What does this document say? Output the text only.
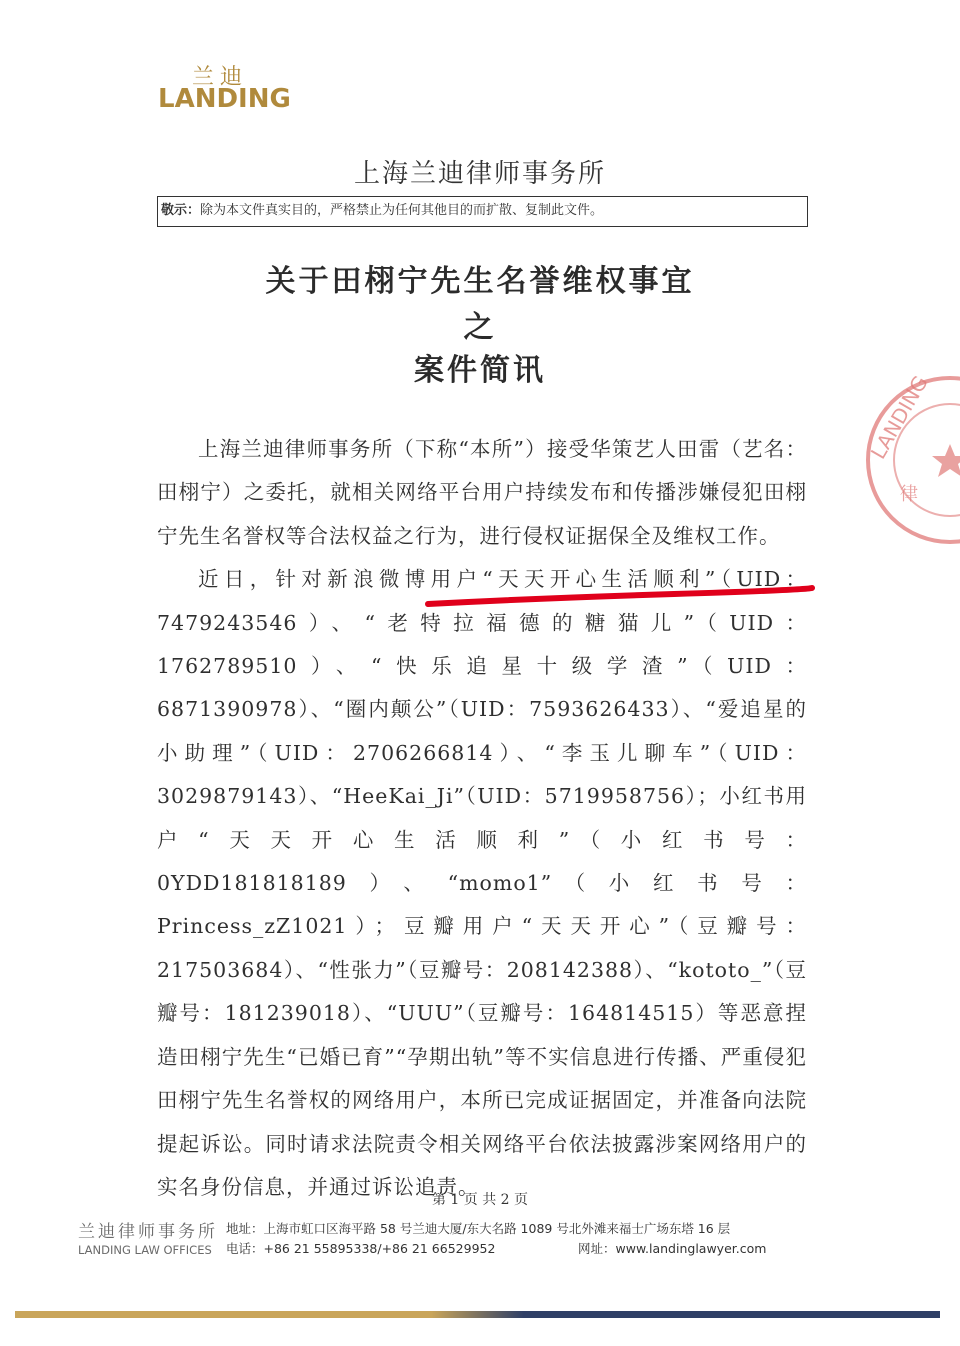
兰迪
LANDING
上海兰迪律师事务所
敬示：除为本文件真实目的，严格禁止为任何其他目的而扩散、复制此文件。
关于田栩宁先生名誉维权事宜
之
案件简讯
LANDING
律

上海兰迪律师事务所（下称“本所”）接受华策艺人田雷（艺名：田栩宁）之委托，就相关网络平台用户持续发布和传播涉嫌侵犯田栩宁先生名誉权等合法权益之行为，进行侵权证据保全及维权工作。

近日，针对新浪微博用户“天天开心生活顺利”（UID：7479243546）、“老特拉福德的糖猫儿”（UID：1762789510）、“快乐追星十级学渣”（UID：6871390978）、“圈内颠公”（UID：7593626433）、“爱追星的小助理”（UID：2706266814）、“李玉儿聊车”（UID：3029879143）、“HeeKai_Ji”（UID：5719958756）；小红书用户“天天开心生活顺利”（小红书号：0YDD181818189）、“momo1”（小红书号：Princess_zZ1021）；豆瓣用户“天天开心”（豆瓣号：217503684）、“性张力”（豆瓣号：208142388）、“kototo_”（豆瓣号：181239018）、“UUU”（豆瓣号：164814515）等恶意捏造田栩宁先生“已婚已育”“孕期出轨”等不实信息进行传播、严重侵犯田栩宁先生名誉权的网络用户，本所已完成证据固定，并准备向法院提起诉讼。同时请求法院责令相关网络平台依法披露涉案网络用户的实名身份信息，并通过诉讼追责。

第 1 页 共 2 页
兰迪律师事务所
LANDING LAW OFFICES
地址：上海市虹口区海平路 58 号兰迪大厦/东大名路 1089 号北外滩来福士广场东塔 16 层
电话：+86 21 55895338/+86 21 66529952	网址：www.landinglawyer.com
